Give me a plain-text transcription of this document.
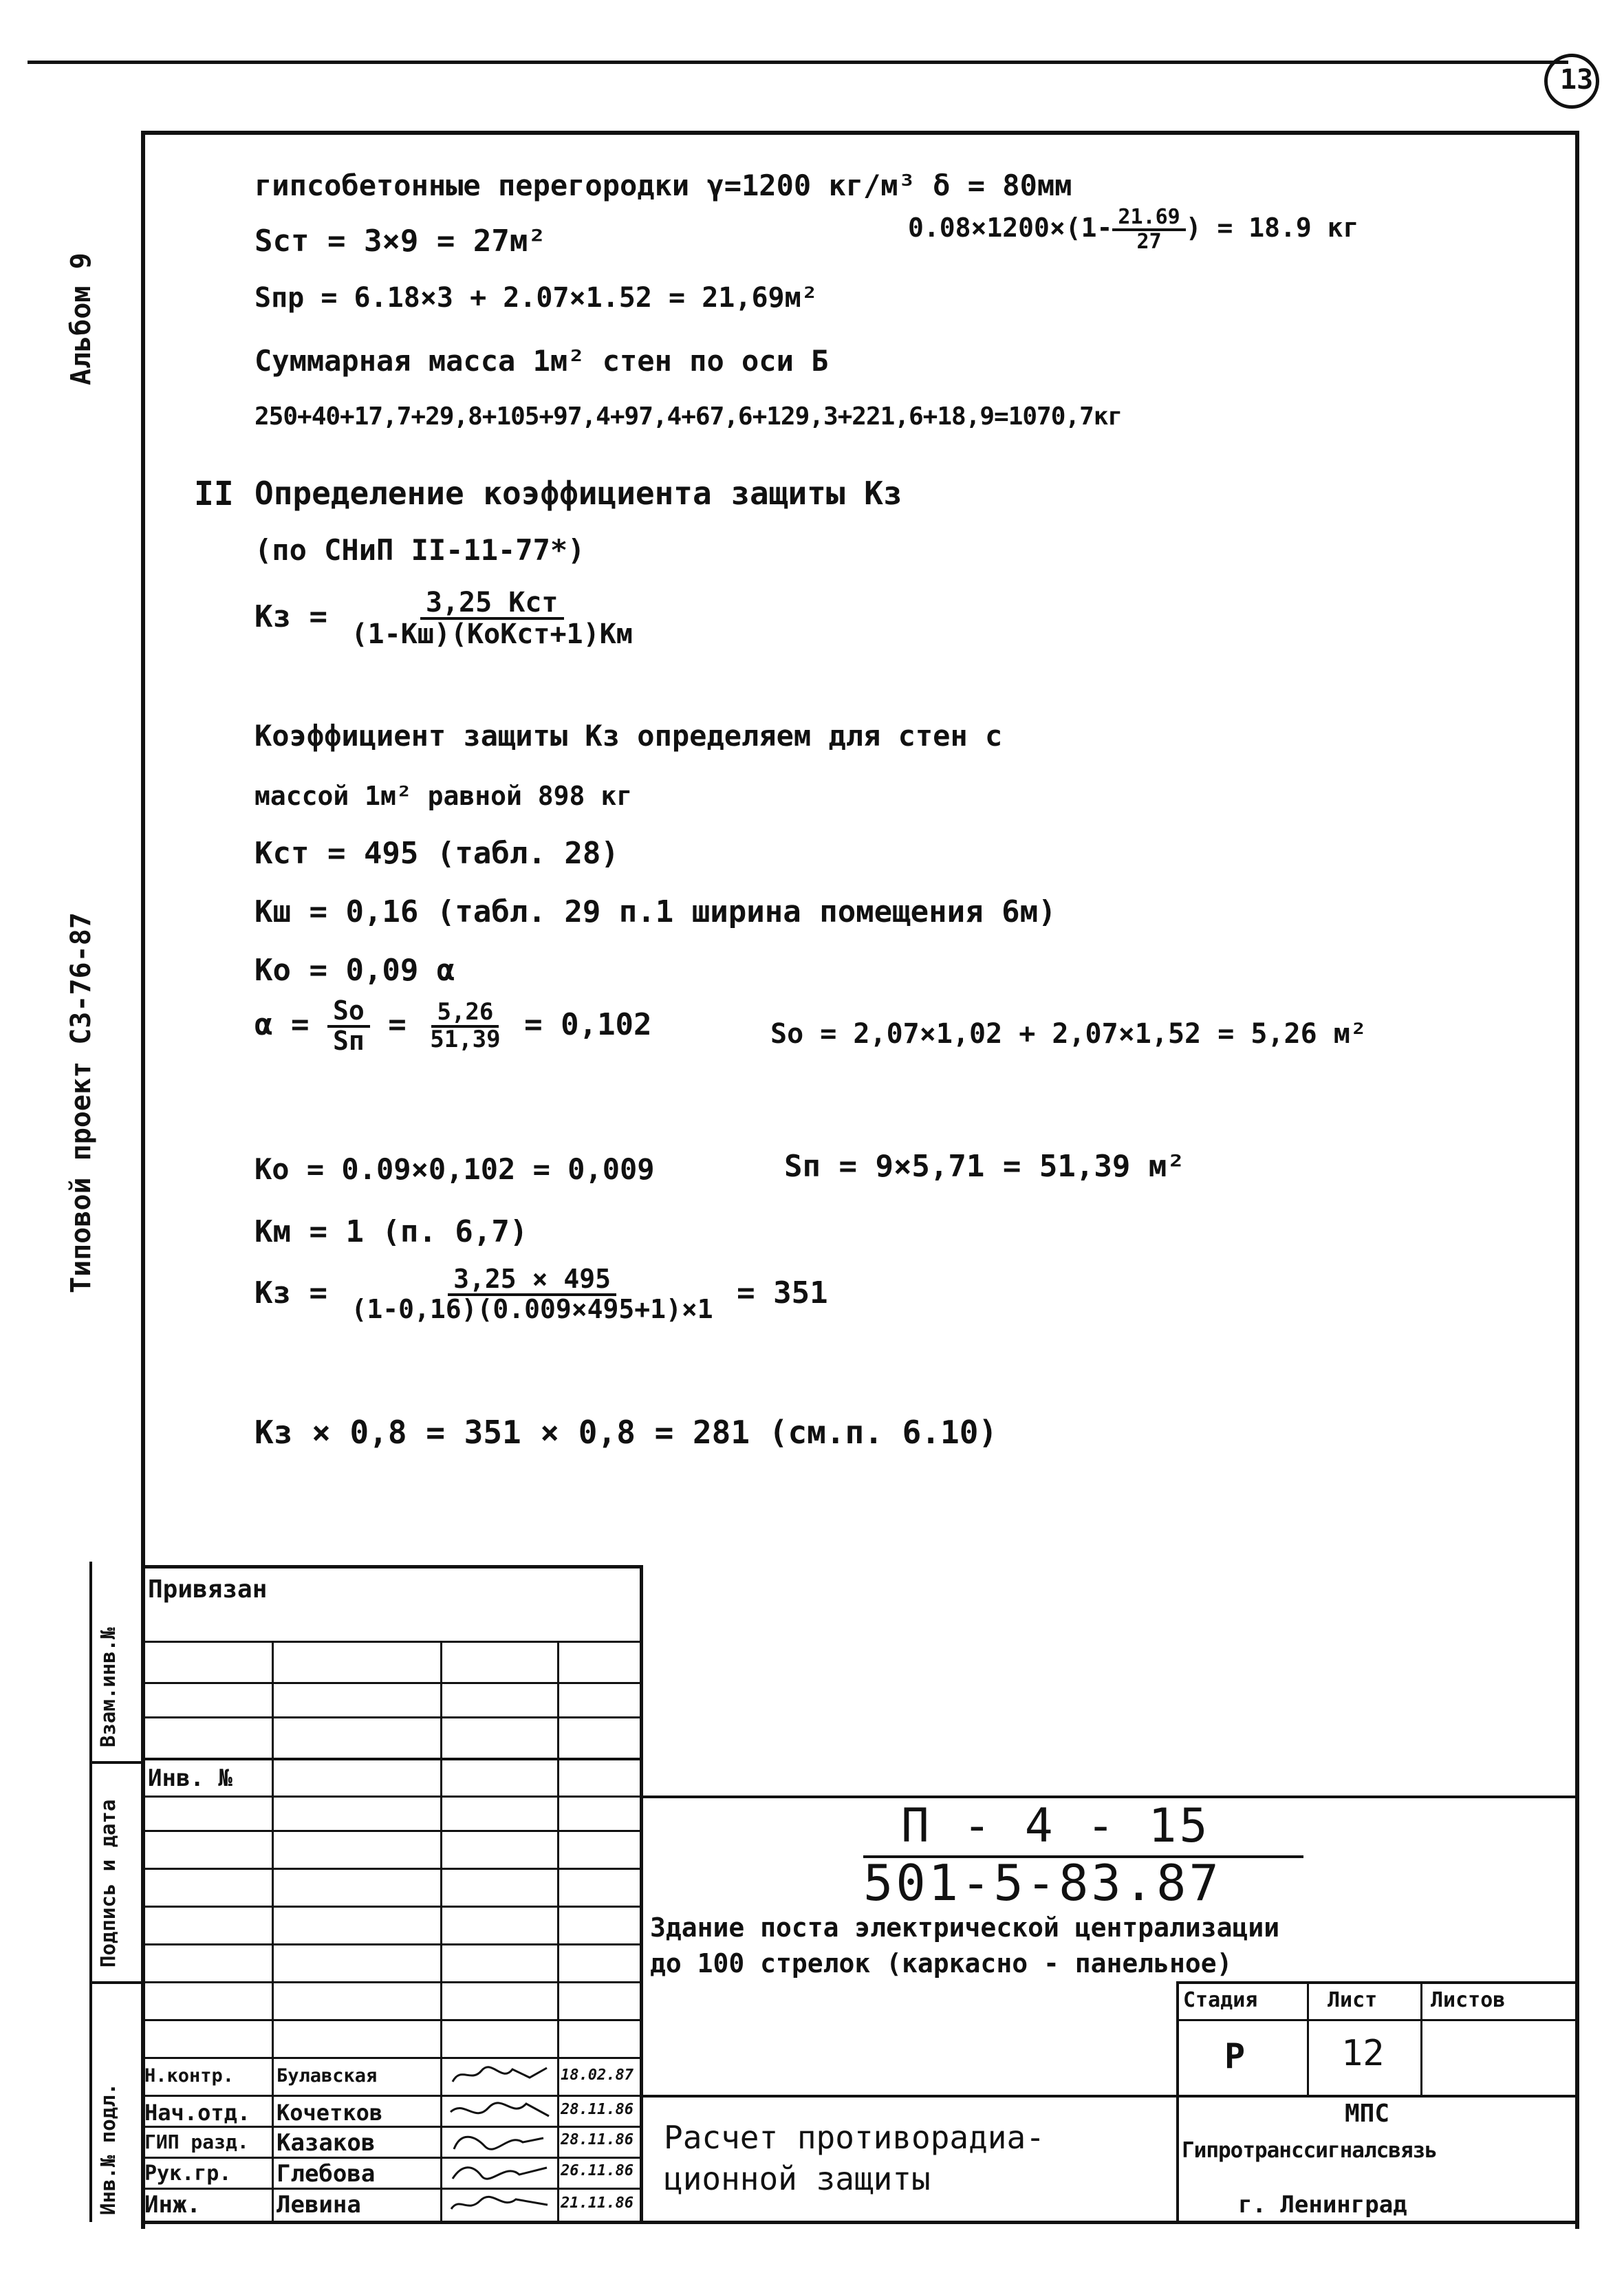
13
Альбом 9
Типовой проект СЗ-76-87
Взам.инв.№
Подпись и дата
Инв.№ подл.
гипсобетонные перегородки γ=1200 кг/м³ δ = 80мм
Sст = 3×9 = 27м²	$0.08\times 1200\times(1- \frac{21.69}{27}$ ) = 18.9 кг
Sпр = 6.18×3 + 2.07×1.52 = 21,69м²
Суммарная масса 1м² стен по оси Б
250+40+17,7+29,8+105+97,4+97,4+67,6+129,3+221,6+18,9=1070,7кг
II Определение коэффициента защиты Кз
(по СНиП II-11-77*)
Кз = $\frac{\text{3,25 Кст}}{\text{(1-Кш)(КоКст+1)Км}}$
Коэффициент защиты Кз определяем для стен с
массой 1м² равной 898 кг
Кст = 495 (табл. 28)
Кш = 0,16 (табл. 29 п.1 ширина помещения 6м)
Ко = 0,09 α
$\alpha = \frac{So}{Sп} = \frac{5,26}{51,39} = 0,102$	So = 2,07×1,02 + 2,07×1,52 = 5,26 м²
Ко = 0.09×0,102 = 0,009	Sп = 9×5,71 = 51,39 м²
Км = 1 (п. 6,7)
Кз = $\frac{3,25 \times 495}{(1-0,16)(0.009\times 495+1)\times 1} = 351$
Кз × 0,8 = 351 × 0,8 = 281 (см.п. 6.10)
Привязан
Инв. №
П - 4 - 15
501-5-83.87
Здание поста электрической централизации
до 100 стрелок (каркасно - панельное)
Стадия	Лист	Листов
Р	12
Расчет противорадиа-
ционной защиты
МПС
Гипротранссигналсвязь
г. Ленинград
Н.контр. Булавская	18.02.87
Нач.отд. Кочетков	28.11.86
ГИП разд. Казаков	28.11.86
Рук.гр. Глебова	26.11.86
Инж.	Левина	21.11.86
